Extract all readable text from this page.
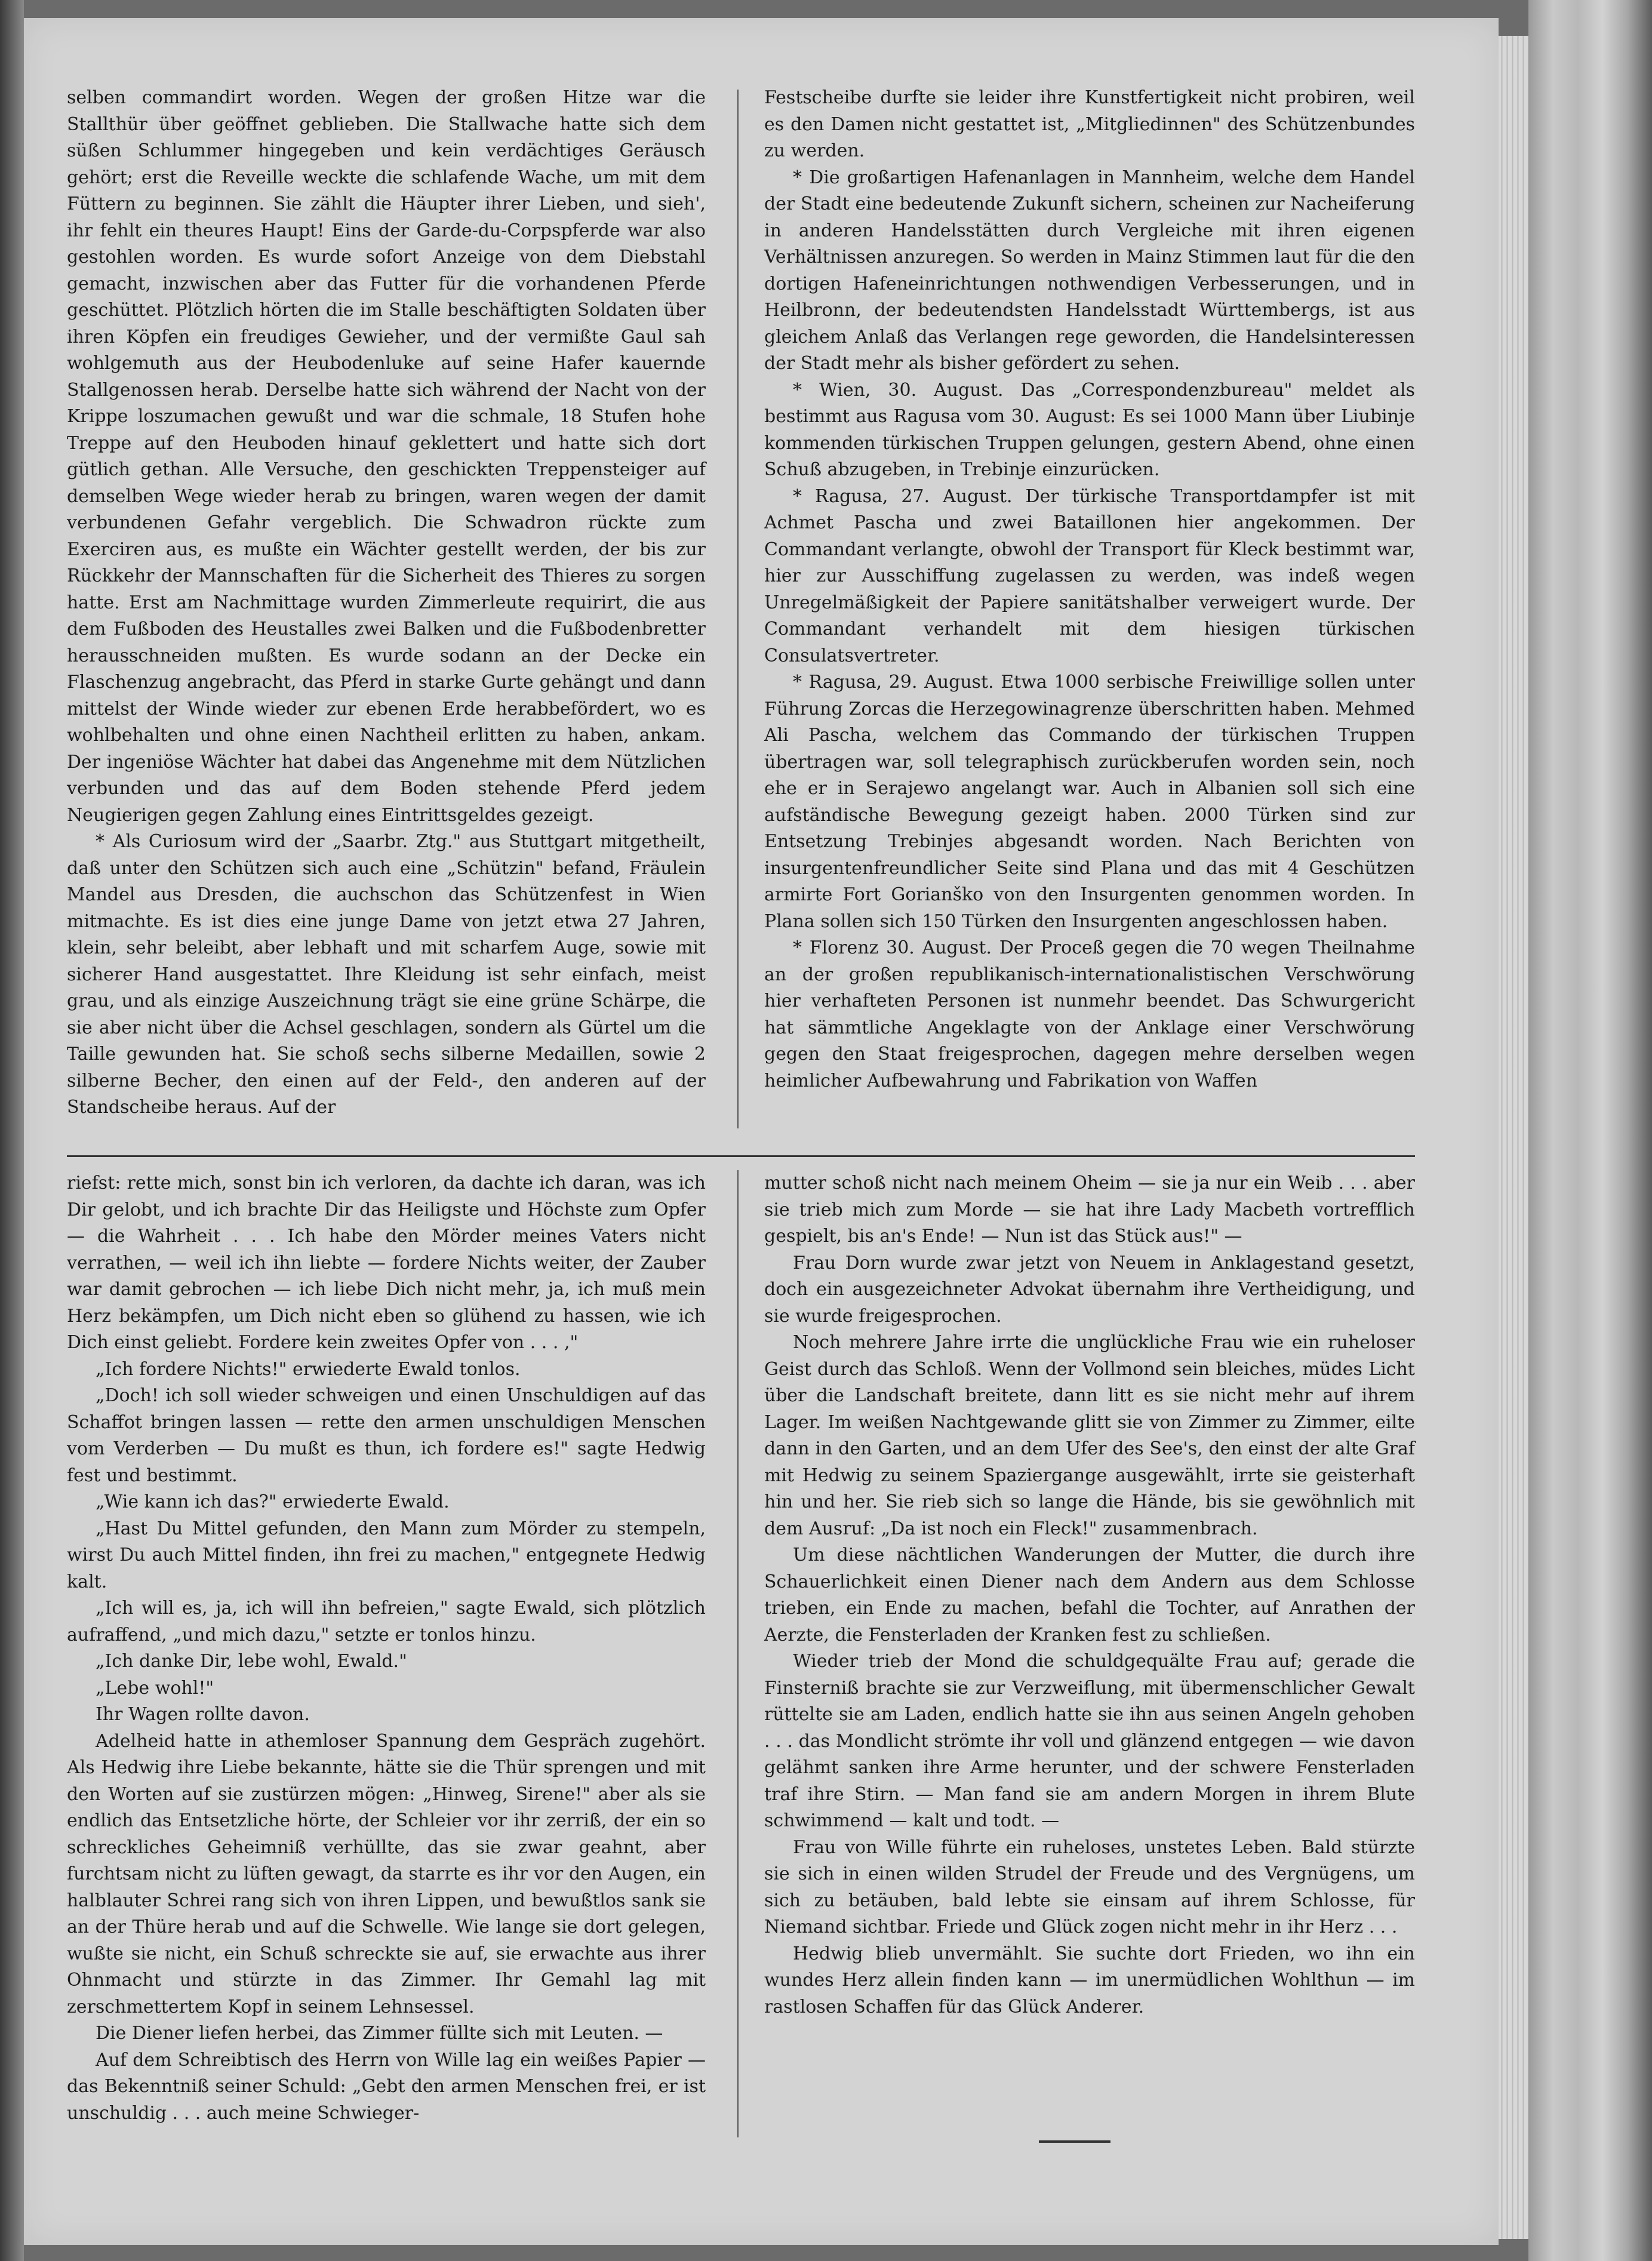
selben commandirt worden. Wegen der großen Hitze war die Stallthür über geöffnet geblieben. Die Stallwache hatte sich dem süßen Schlummer hingegeben und kein verdächtiges Geräusch gehört; erst die Reveille weckte die schlafende Wache, um mit dem Füttern zu beginnen. Sie zählt die Häupter ihrer Lieben, und sieh', ihr fehlt ein theures Haupt! Eins der Garde-du-Corpspferde war also gestohlen worden. Es wurde sofort Anzeige von dem Diebstahl gemacht, inzwischen aber das Futter für die vorhandenen Pferde geschüttet. Plötzlich hörten die im Stalle beschäftigten Soldaten über ihren Köpfen ein freudiges Gewieher, und der vermißte Gaul sah wohlgemuth aus der Heubodenluke auf seine Hafer kauernde Stallgenossen herab. Derselbe hatte sich während der Nacht von der Krippe loszumachen gewußt und war die schmale, 18 Stufen hohe Treppe auf den Heuboden hinauf geklettert und hatte sich dort gütlich gethan. Alle Versuche, den geschickten Treppensteiger auf demselben Wege wieder herab zu bringen, waren wegen der damit verbundenen Gefahr vergeblich. Die Schwadron rückte zum Exerciren aus, es mußte ein Wächter gestellt werden, der bis zur Rückkehr der Mannschaften für die Sicherheit des Thieres zu sorgen hatte. Erst am Nachmittage wurden Zimmerleute requirirt, die aus dem Fußboden des Heustalles zwei Balken und die Fußbodenbretter herausschneiden mußten. Es wurde sodann an der Decke ein Flaschenzug angebracht, das Pferd in starke Gurte gehängt und dann mittelst der Winde wieder zur ebenen Erde herabbefördert, wo es wohlbehalten und ohne einen Nachtheil erlitten zu haben, ankam. Der ingeniöse Wächter hat dabei das Angenehme mit dem Nützlichen verbunden und das auf dem Boden stehende Pferd jedem Neugierigen gegen Zahlung eines Eintrittsgeldes gezeigt.

* Als Curiosum wird der „Saarbr. Ztg." aus Stuttgart mitgetheilt, daß unter den Schützen sich auch eine „Schützin" befand, Fräulein Mandel aus Dresden, die auchschon das Schützenfest in Wien mitmachte. Es ist dies eine junge Dame von jetzt etwa 27 Jahren, klein, sehr beleibt, aber lebhaft und mit scharfem Auge, sowie mit sicherer Hand ausgestattet. Ihre Kleidung ist sehr einfach, meist grau, und als einzige Auszeichnung trägt sie eine grüne Schärpe, die sie aber nicht über die Achsel geschlagen, sondern als Gürtel um die Taille gewunden hat. Sie schoß sechs silberne Medaillen, sowie 2 silberne Becher, den einen auf der Feld-, den anderen auf der Standscheibe heraus. Auf der

Festscheibe durfte sie leider ihre Kunstfertigkeit nicht probiren, weil es den Damen nicht gestattet ist, „Mitgliedinnen" des Schützenbundes zu werden.

* Die großartigen Hafenanlagen in Mannheim, welche dem Handel der Stadt eine bedeutende Zukunft sichern, scheinen zur Nacheiferung in anderen Handelsstätten durch Vergleiche mit ihren eigenen Verhältnissen anzuregen. So werden in Mainz Stimmen laut für die den dortigen Hafeneinrichtungen nothwendigen Verbesserungen, und in Heilbronn, der bedeutendsten Handelsstadt Württembergs, ist aus gleichem Anlaß das Verlangen rege geworden, die Handelsinteressen der Stadt mehr als bisher gefördert zu sehen.

* Wien, 30. August. Das „Correspondenzbureau" meldet als bestimmt aus Ragusa vom 30. August: Es sei 1000 Mann über Liubinje kommenden türkischen Truppen gelungen, gestern Abend, ohne einen Schuß abzugeben, in Trebinje einzurücken.

* Ragusa, 27. August. Der türkische Transportdampfer ist mit Achmet Pascha und zwei Bataillonen hier angekommen. Der Commandant verlangte, obwohl der Transport für Kleck bestimmt war, hier zur Ausschiffung zugelassen zu werden, was indeß wegen Unregelmäßigkeit der Papiere sanitätshalber verweigert wurde. Der Commandant verhandelt mit dem hiesigen türkischen Consulatsvertreter.

* Ragusa, 29. August. Etwa 1000 serbische Freiwillige sollen unter Führung Zorcas die Herzegowinagrenze überschritten haben. Mehmed Ali Pascha, welchem das Commando der türkischen Truppen übertragen war, soll telegraphisch zurückberufen worden sein, noch ehe er in Serajewo angelangt war. Auch in Albanien soll sich eine aufständische Bewegung gezeigt haben. 2000 Türken sind zur Entsetzung Trebinjes abgesandt worden. Nach Berichten von insurgentenfreundlicher Seite sind Plana und das mit 4 Geschützen armirte Fort Gorianško von den Insurgenten genommen worden. In Plana sollen sich 150 Türken den Insurgenten angeschlossen haben.

* Florenz 30. August. Der Proceß gegen die 70 wegen Theilnahme an der großen republikanisch-internationalistischen Verschwörung hier verhafteten Personen ist nunmehr beendet. Das Schwurgericht hat sämmtliche Angeklagte von der Anklage einer Verschwörung gegen den Staat freigesprochen, dagegen mehre derselben wegen heimlicher Aufbewahrung und Fabrikation von Waffen

riefst: rette mich, sonst bin ich verloren, da dachte ich daran, was ich Dir gelobt, und ich brachte Dir das Heiligste und Höchste zum Opfer — die Wahrheit . . . Ich habe den Mörder meines Vaters nicht verrathen, — weil ich ihn liebte — fordere Nichts weiter, der Zauber war damit gebrochen — ich liebe Dich nicht mehr, ja, ich muß mein Herz bekämpfen, um Dich nicht eben so glühend zu hassen, wie ich Dich einst geliebt. Fordere kein zweites Opfer von . . . ,"

„Ich fordere Nichts!" erwiederte Ewald tonlos.

„Doch! ich soll wieder schweigen und einen Unschuldigen auf das Schaffot bringen lassen — rette den armen unschuldigen Menschen vom Verderben — Du mußt es thun, ich fordere es!" sagte Hedwig fest und bestimmt.

„Wie kann ich das?" erwiederte Ewald.

„Hast Du Mittel gefunden, den Mann zum Mörder zu stempeln, wirst Du auch Mittel finden, ihn frei zu machen," entgegnete Hedwig kalt.

„Ich will es, ja, ich will ihn befreien," sagte Ewald, sich plötzlich aufraffend, „und mich dazu," setzte er tonlos hinzu.

„Ich danke Dir, lebe wohl, Ewald."

„Lebe wohl!"

Ihr Wagen rollte davon.

Adelheid hatte in athemloser Spannung dem Gespräch zugehört. Als Hedwig ihre Liebe bekannte, hätte sie die Thür sprengen und mit den Worten auf sie zustürzen mögen: „Hinweg, Sirene!" aber als sie endlich das Entsetzliche hörte, der Schleier vor ihr zerriß, der ein so schreckliches Geheimniß verhüllte, das sie zwar geahnt, aber furchtsam nicht zu lüften gewagt, da starrte es ihr vor den Augen, ein halblauter Schrei rang sich von ihren Lippen, und bewußtlos sank sie an der Thüre herab und auf die Schwelle. Wie lange sie dort gelegen, wußte sie nicht, ein Schuß schreckte sie auf, sie erwachte aus ihrer Ohnmacht und stürzte in das Zimmer. Ihr Gemahl lag mit zerschmettertem Kopf in seinem Lehnsessel.

Die Diener liefen herbei, das Zimmer füllte sich mit Leuten. —

Auf dem Schreibtisch des Herrn von Wille lag ein weißes Papier — das Bekenntniß seiner Schuld: „Gebt den armen Menschen frei, er ist unschuldig . . . auch meine Schwieger-

mutter schoß nicht nach meinem Oheim — sie ja nur ein Weib . . . aber sie trieb mich zum Morde — sie hat ihre Lady Macbeth vortrefflich gespielt, bis an's Ende! — Nun ist das Stück aus!" —

Frau Dorn wurde zwar jetzt von Neuem in Anklagestand gesetzt, doch ein ausgezeichneter Advokat übernahm ihre Vertheidigung, und sie wurde freigesprochen.

Noch mehrere Jahre irrte die unglückliche Frau wie ein ruheloser Geist durch das Schloß. Wenn der Vollmond sein bleiches, müdes Licht über die Landschaft breitete, dann litt es sie nicht mehr auf ihrem Lager. Im weißen Nachtgewande glitt sie von Zimmer zu Zimmer, eilte dann in den Garten, und an dem Ufer des See's, den einst der alte Graf mit Hedwig zu seinem Spaziergange ausgewählt, irrte sie geisterhaft hin und her. Sie rieb sich so lange die Hände, bis sie gewöhnlich mit dem Ausruf: „Da ist noch ein Fleck!" zusammenbrach.

Um diese nächtlichen Wanderungen der Mutter, die durch ihre Schauerlichkeit einen Diener nach dem Andern aus dem Schlosse trieben, ein Ende zu machen, befahl die Tochter, auf Anrathen der Aerzte, die Fensterladen der Kranken fest zu schließen.

Wieder trieb der Mond die schuldgequälte Frau auf; gerade die Finsterniß brachte sie zur Verzweiflung, mit übermenschlicher Gewalt rüttelte sie am Laden, endlich hatte sie ihn aus seinen Angeln gehoben . . . das Mondlicht strömte ihr voll und glänzend entgegen — wie davon gelähmt sanken ihre Arme herunter, und der schwere Fensterladen traf ihre Stirn. — Man fand sie am andern Morgen in ihrem Blute schwimmend — kalt und todt. —

Frau von Wille führte ein ruheloses, unstetes Leben. Bald stürzte sie sich in einen wilden Strudel der Freude und des Vergnügens, um sich zu betäuben, bald lebte sie einsam auf ihrem Schlosse, für Niemand sichtbar. Friede und Glück zogen nicht mehr in ihr Herz . . .

Hedwig blieb unvermählt. Sie suchte dort Frieden, wo ihn ein wundes Herz allein finden kann — im unermüdlichen Wohlthun — im rastlosen Schaffen für das Glück Anderer.
